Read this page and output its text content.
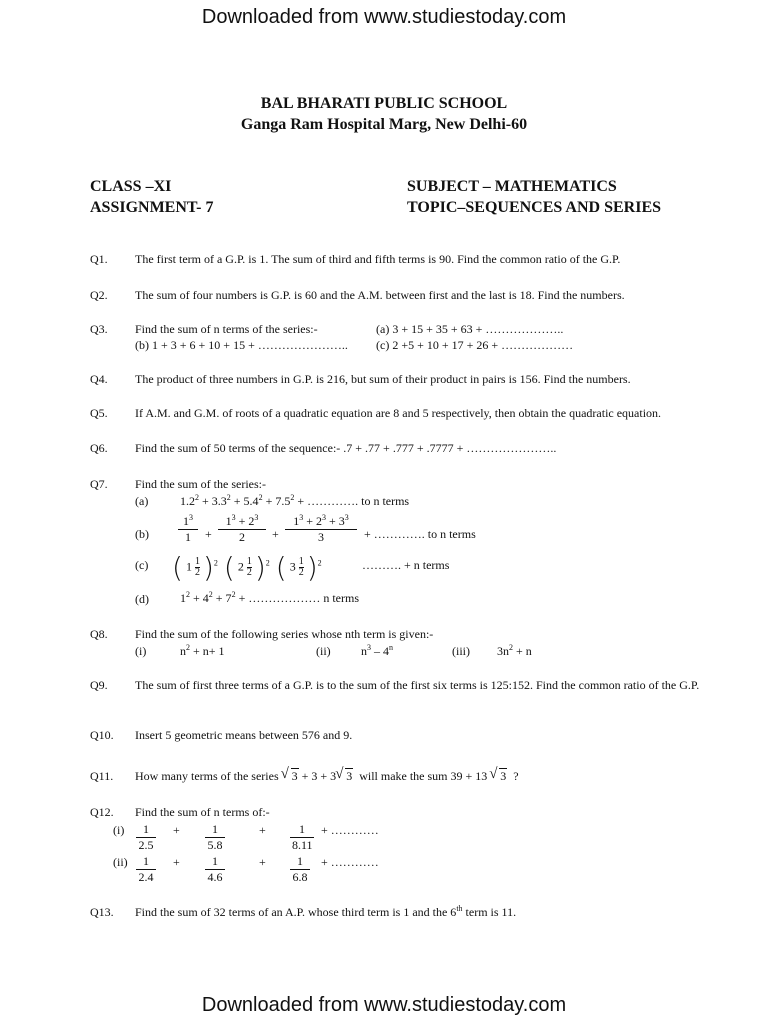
Downloaded from www.studiestoday.com
Downloaded from www.studiestoday.com
BAL BHARATI PUBLIC SCHOOL
Ganga Ram Hospital Marg, New Delhi-60
CLASS –XI
ASSIGNMENT- 7
SUBJECT – MATHEMATICS
TOPIC–SEQUENCES AND SERIES
Q1. The first term of a G.P. is 1. The sum of third and fifth terms is 90. Find the common ratio of the G.P.
Q2. The sum of four numbers is G.P. is 60 and the A.M. between first and the last is 18. Find the numbers.
Q3. Find the sum of n terms of the series:-	(a) 3 + 15 + 35 + 63 + ………………..
(b) 1 + 3 + 6 + 10 + 15 + ………………….. (c) 2 +5 + 10 + 17 + 26 + ………………
Q4. The product of three numbers in G.P. is 216, but sum of their product in pairs is 156. Find the numbers.
Q5. If A.M. and G.M. of roots of a quadratic equation are 8 and 5 respectively, then obtain the quadratic equation.
Q6. Find the sum of 50 terms of the sequence:- .7 + .77 + .777 + .7777 + …………………..
Q7. Find the sum of the series:-
(a)	$1.2^2 + 3.3^2 + 5.4^2 + 7.5^2$ + …………. to n terms
$(b) \frac{1^3}{1} + \frac{1^3 + 2^3}{2} + \frac{1^3 + 2^3 + 3^3}{3}$ + …………. to n terms
(c) ( $1 \frac{1}{2} )^2$ ( $2 \frac{1}{2} )^2$ ( $3 \frac{1}{2} )^2$	………. + n terms
(d)	$1^2 + 4^2 + 7^2$ + ……………… n terms
Q8. Find the sum of the following series whose nth term is given:-
(i)	$n^2 + n+ 1$	(ii)	$n^3 - 4^n$	(iii) $3n^2 + n$
Q9. The sum of first three terms of a G.P. is to the sum of the first six terms is 125:152. Find the common ratio of the G.P.
Q10. Insert 5 geometric means between 576 and 9.
Q11. How many terms of the series √ 3 + 3 + 3 √ 3 will make the sum 39 + 13 √ 3  ?
Q12. Find the sum of n terms of:-
$(i) \frac{1}{2.5} + \frac{1}{5.8}$	+ $\frac{1}{8.11}$ + …………
$(ii) \frac{1}{2.4} + \frac{1}{4.6}$	+ $\frac{1}{6.8}$ + …………
Q13. Find the sum of 32 terms of an A.P. whose third term is 1 and the 6th term is 11.
